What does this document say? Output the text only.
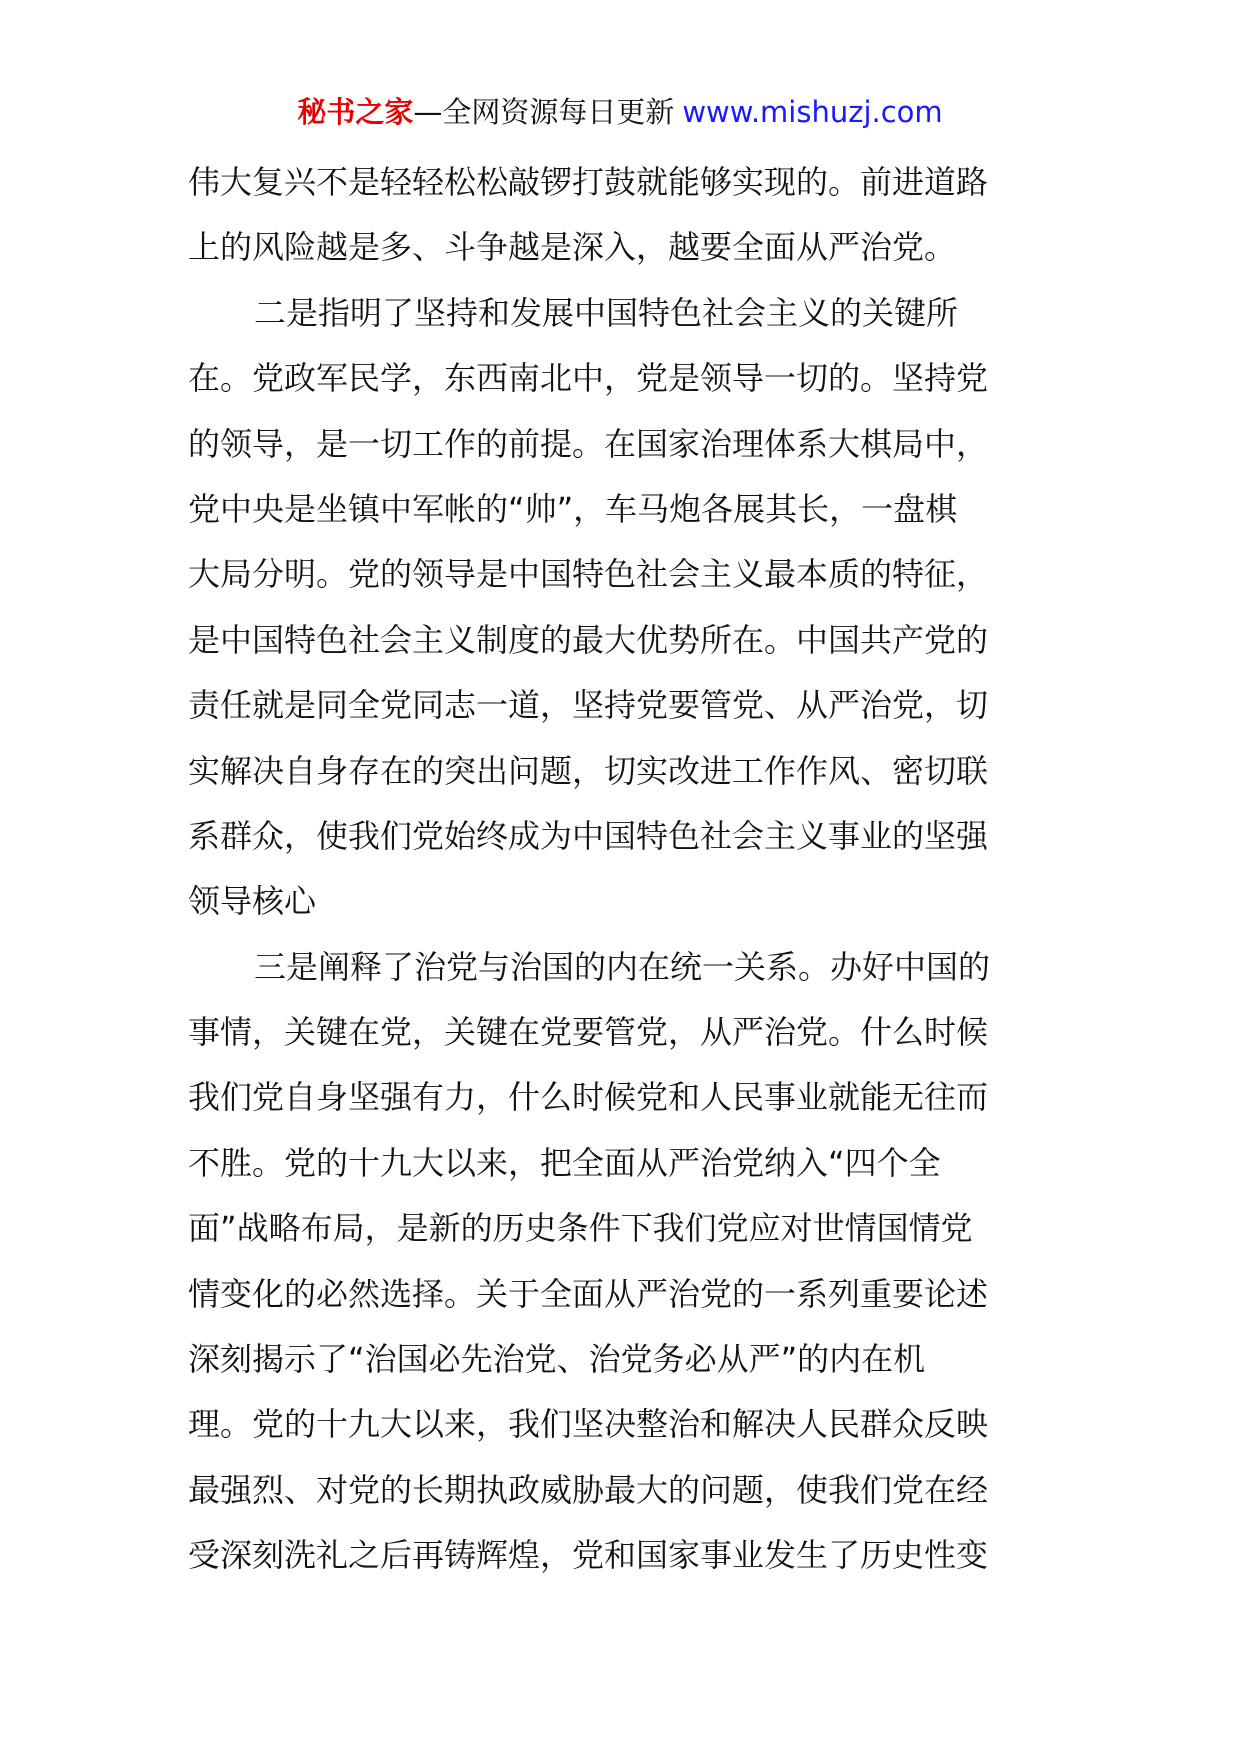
秘书之家—全网资源每日更新 www.mishuzj.com
伟大复兴不是轻轻松松敲锣打鼓就能够实现的。前进道路
上的风险越是多、斗争越是深入，越要全面从严治党。
二是指明了坚持和发展中国特色社会主义的关键所
在。党政军民学，东西南北中，党是领导一切的。坚持党
的领导，是一切工作的前提。在国家治理体系大棋局中，
党中央是坐镇中军帐的“帅”，车马炮各展其长，一盘棋
大局分明。党的领导是中国特色社会主义最本质的特征，
是中国特色社会主义制度的最大优势所在。中国共产党的
责任就是同全党同志一道，坚持党要管党、从严治党，切
实解决自身存在的突出问题，切实改进工作作风、密切联
系群众，使我们党始终成为中国特色社会主义事业的坚强
领导核心
三是阐释了治党与治国的内在统一关系。办好中国的
事情，关键在党，关键在党要管党，从严治党。什么时候
我们党自身坚强有力，什么时候党和人民事业就能无往而
不胜。党的十九大以来，把全面从严治党纳入“四个全
面”战略布局，是新的历史条件下我们党应对世情国情党
情变化的必然选择。关于全面从严治党的一系列重要论述
深刻揭示了“治国必先治党、治党务必从严”的内在机
理。党的十九大以来，我们坚决整治和解决人民群众反映
最强烈、对党的长期执政威胁最大的问题，使我们党在经
受深刻洗礼之后再铸辉煌，党和国家事业发生了历史性变
